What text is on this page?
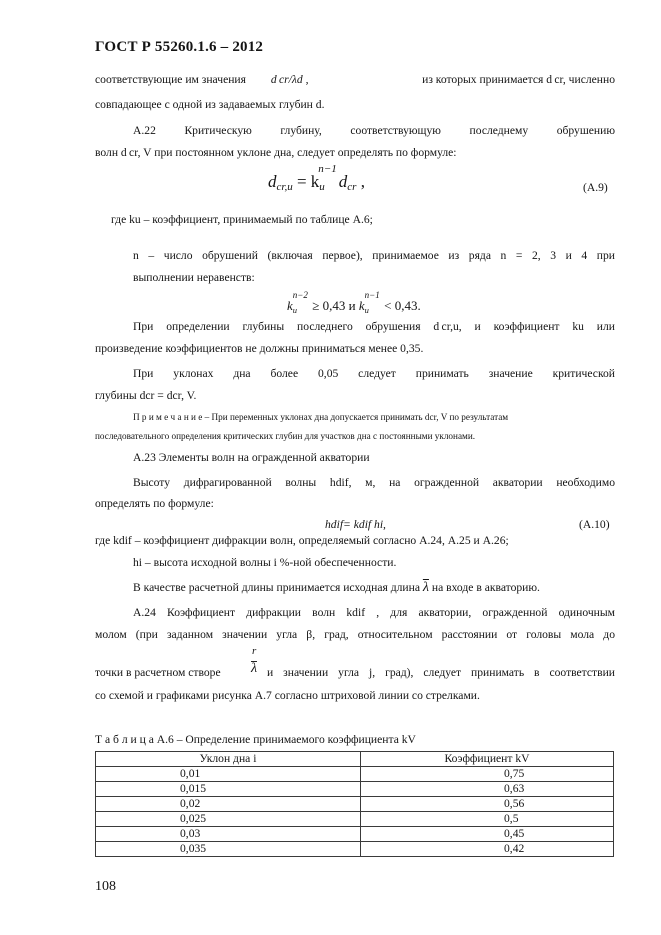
ГОСТ Р 55260.1.6 – 2012
соответствующие им значения d cr/λd ,	из которых принимается d cr, численно
совпадающее с одной из задаваемых глубин d.
А.22 Критическую глубину, соответствующую последнему обрушению
волн d cr, V при постоянном уклоне дна, следует определять по формуле:
$d_{cr,u} = k$
n−1
$_u$ $d_{cr}$ ,	(А.9)
где ku – коэффициент, принимаемый по таблице А.6;
n – число обрушений (включая первое), принимаемое из ряда n = 2, 3 и 4 при
выполнении неравенств:
k
n−2
$_u$ ≥ 0,43 и k
n−1
$_u$ < 0,43.
При определении глубины последнего обрушения d cr,u, и коэффициент ku или
произведение коэффициентов не должны приниматься менее 0,35.
При уклонах дна более 0,05 следует принимать значение критической
глубины dcr = dcr, V.
П р и м е ч а н и е – При переменных уклонах дна допускается принимать dcr, V по результатам
последовательного определения критических глубин для участков дна с постоянными уклонами.
А.23 Элементы волн на огражденной акватории
Высоту дифрагированной волны hdif, м, на огражденной акватории необходимо
определять по формуле:
hdif= kdif hi,	(А.10)
где kdif – коэффициент дифракции волн, определяемый согласно А.24, А.25 и А.26;
hi – высота исходной волны i %-ной обеспеченности.
В качестве расчетной длины принимается исходная длина $\overline{\lambda}$ на входе в акваторию.
А.24 Коэффициент дифракции волн kdif , для акватории, огражденной одиночным
молом (при заданном значении угла β, град, относительном расстоянии от головы мола до
r
точки в расчетном створе λ и значении угла j, град), следует принимать в соответствии
со схемой и графиками рисунка А.7 согласно штриховой линии со стрелками.
Т а б л и ц а А.6 – Определение принимаемого коэффициента kV
Уклон дна i	Коэффициент kV
0,01	0,75
0,015	0,63
0,02	0,56
0,025	0,5
0,03	0,45
0,035	0,42
108
